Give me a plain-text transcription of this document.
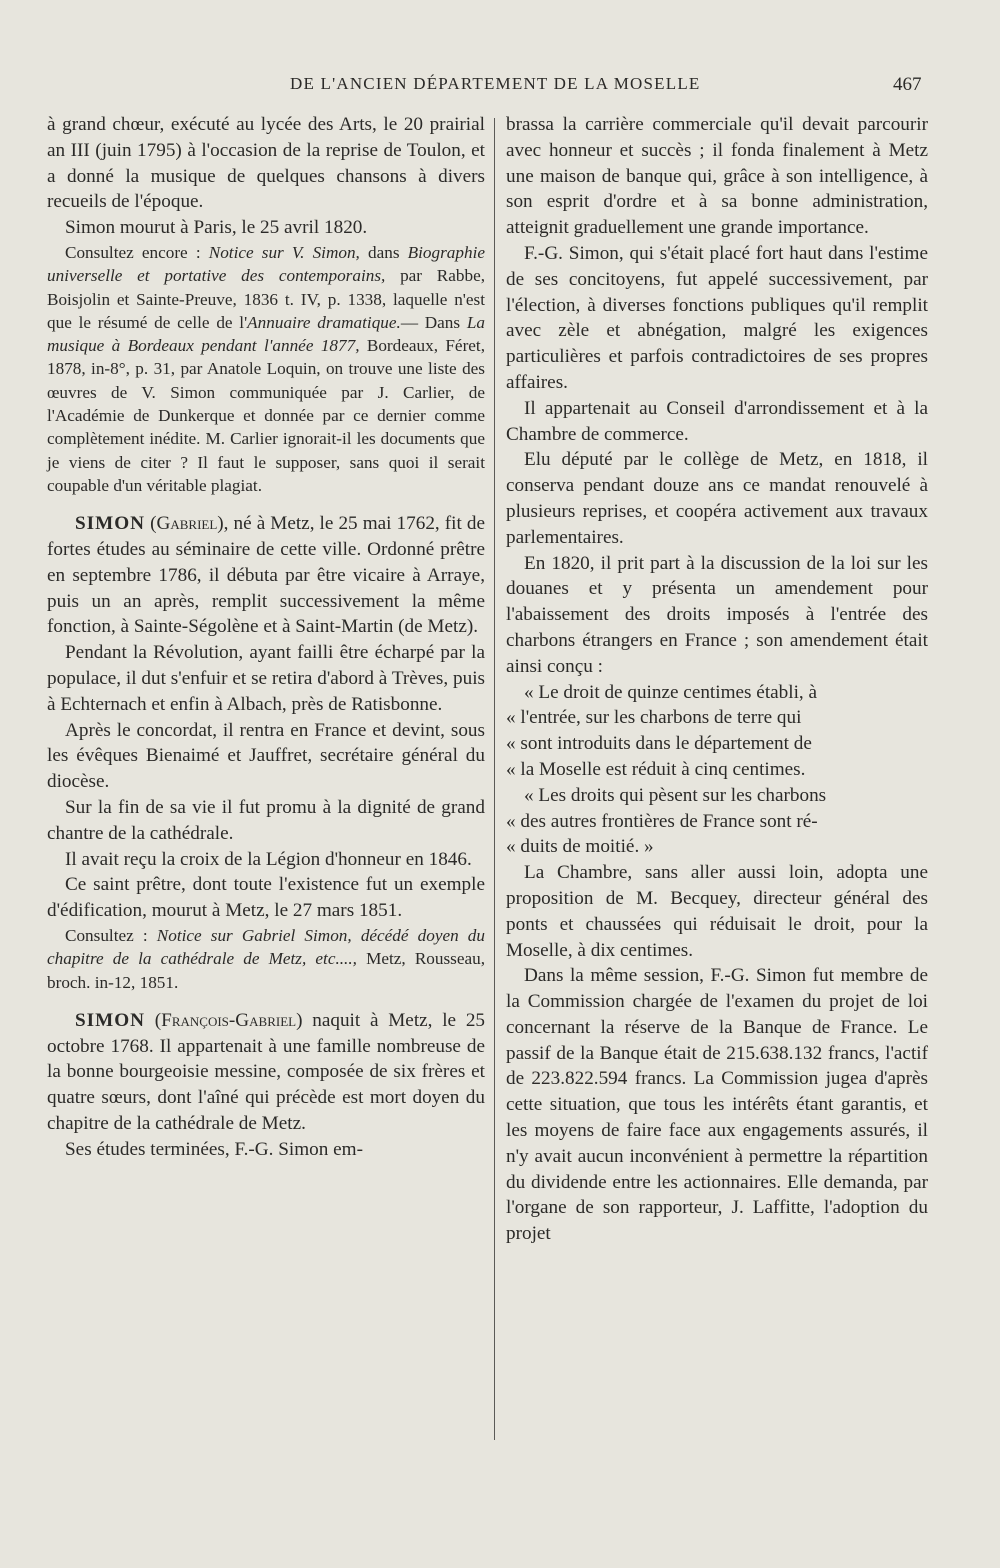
DE L'ANCIEN DÉPARTEMENT DE LA MOSELLE	467

à grand chœur, exécuté au lycée des Arts, le 20 prairial an III (juin 1795) à l'occasion de la reprise de Toulon, et a donné la musique de quelques chansons à divers recueils de l'époque.

Simon mourut à Paris, le 25 avril 1820.

Consultez encore : Notice sur V. Simon, dans Biographie universelle et portative des contemporains, par Rabbe, Boisjolin et Sainte-Preuve, 1836 t. IV, p. 1338, laquelle n'est que le résumé de celle de l'Annuaire dramatique.— Dans La musique à Bordeaux pendant l'année 1877, Bordeaux, Féret, 1878, in-8°, p. 31, par Anatole Loquin, on trouve une liste des œuvres de V. Simon communiquée par J. Carlier, de l'Académie de Dunkerque et donnée par ce dernier comme complètement inédite. M. Carlier ignorait-il les documents que je viens de citer ? Il faut le supposer, sans quoi il serait coupable d'un véritable plagiat.

SIMON (Gabriel), né à Metz, le 25 mai 1762, fit de fortes études au séminaire de cette ville. Ordonné prêtre en septembre 1786, il débuta par être vicaire à Arraye, puis un an après, remplit successivement la même fonction, à Sainte-Ségolène et à Saint-Martin (de Metz).

Pendant la Révolution, ayant failli être écharpé par la populace, il dut s'enfuir et se retira d'abord à Trèves, puis à Echternach et enfin à Albach, près de Ratisbonne.

Après le concordat, il rentra en France et devint, sous les évêques Bienaimé et Jauffret, secrétaire général du diocèse.

Sur la fin de sa vie il fut promu à la dignité de grand chantre de la cathédrale.

Il avait reçu la croix de la Légion d'honneur en 1846.

Ce saint prêtre, dont toute l'existence fut un exemple d'édification, mourut à Metz, le 27 mars 1851.

Consultez : Notice sur Gabriel Simon, décédé doyen du chapitre de la cathédrale de Metz, etc...., Metz, Rousseau, broch. in-12, 1851.

SIMON (François-Gabriel) naquit à Metz, le 25 octobre 1768. Il appartenait à une famille nombreuse de la bonne bourgeoisie messine, composée de six frères et quatre sœurs, dont l'aîné qui précède est mort doyen du chapitre de la cathédrale de Metz.

Ses études terminées, F.-G. Simon em-

brassa la carrière commerciale qu'il devait parcourir avec honneur et succès ; il fonda finalement à Metz une maison de banque qui, grâce à son intelligence, à son esprit d'ordre et à sa bonne administration, atteignit graduellement une grande importance.

F.-G. Simon, qui s'était placé fort haut dans l'estime de ses concitoyens, fut appelé successivement, par l'élection, à diverses fonctions publiques qu'il remplit avec zèle et abnégation, malgré les exigences particulières et parfois contradictoires de ses propres affaires.

Il appartenait au Conseil d'arrondissement et à la Chambre de commerce.

Elu député par le collège de Metz, en 1818, il conserva pendant douze ans ce mandat renouvelé à plusieurs reprises, et coopéra activement aux travaux parlementaires.

En 1820, il prit part à la discussion de la loi sur les douanes et y présenta un amendement pour l'abaissement des droits imposés à l'entrée des charbons étrangers en France ; son amendement était ainsi conçu :

« Le droit de quinze centimes établi, à

« l'entrée, sur les charbons de terre qui

« sont introduits dans le département de

« la Moselle est réduit à cinq centimes.

« Les droits qui pèsent sur les charbons

« des autres frontières de France sont ré-

« duits de moitié. »

La Chambre, sans aller aussi loin, adopta une proposition de M. Becquey, directeur général des ponts et chaussées qui réduisait le droit, pour la Moselle, à dix centimes.

Dans la même session, F.-G. Simon fut membre de la Commission chargée de l'examen du projet de loi concernant la réserve de la Banque de France. Le passif de la Banque était de 215.638.132 francs, l'actif de 223.822.594 francs. La Commission jugea d'après cette situation, que tous les intérêts étant garantis, et les moyens de faire face aux engagements assurés, il n'y avait aucun inconvénient à permettre la répartition du dividende entre les actionnaires. Elle demanda, par l'organe de son rapporteur, J. Laffitte, l'adoption du projet
